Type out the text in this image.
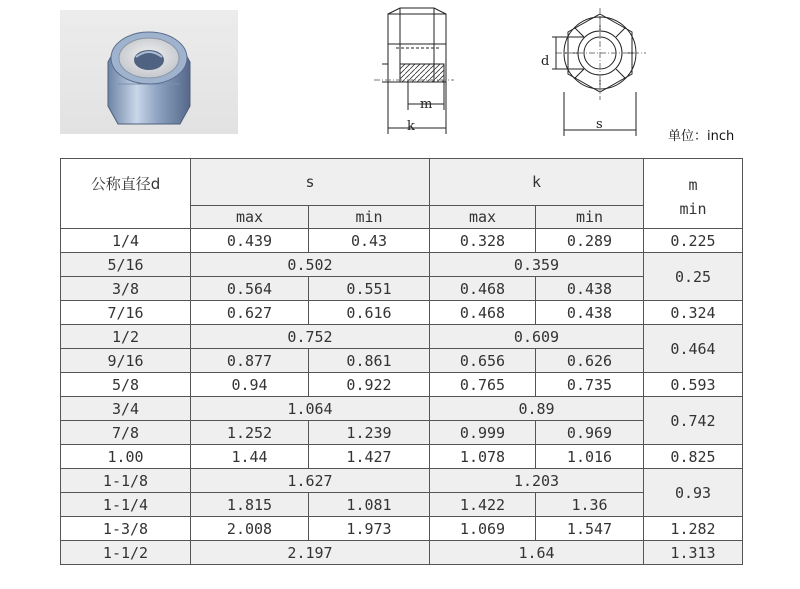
m
k
d
s
单位：inch
公称直径d	s		k		m
min

	max	min	max	min	
1/4	0.439	0.43	0.328	0.289	0.225
5/16	0.502		0.359		0.25
3/8	0.564	0.551	0.468	0.438	
7/16	0.627	0.616	0.468	0.438	0.324
1/2	0.752		0.609		0.464
9/16	0.877	0.861	0.656	0.626	
5/8	0.94	0.922	0.765	0.735	0.593
3/4	1.064		0.89		0.742
7/8	1.252	1.239	0.999	0.969	
1.00	1.44	1.427	1.078	1.016	0.825
1-1/8	1.627		1.203		0.93
1-1/4	1.815	1.081	1.422	1.36	
1-3/8	2.008	1.973	1.069	1.547	1.282
1-1/2	2.197		1.64		1.313
